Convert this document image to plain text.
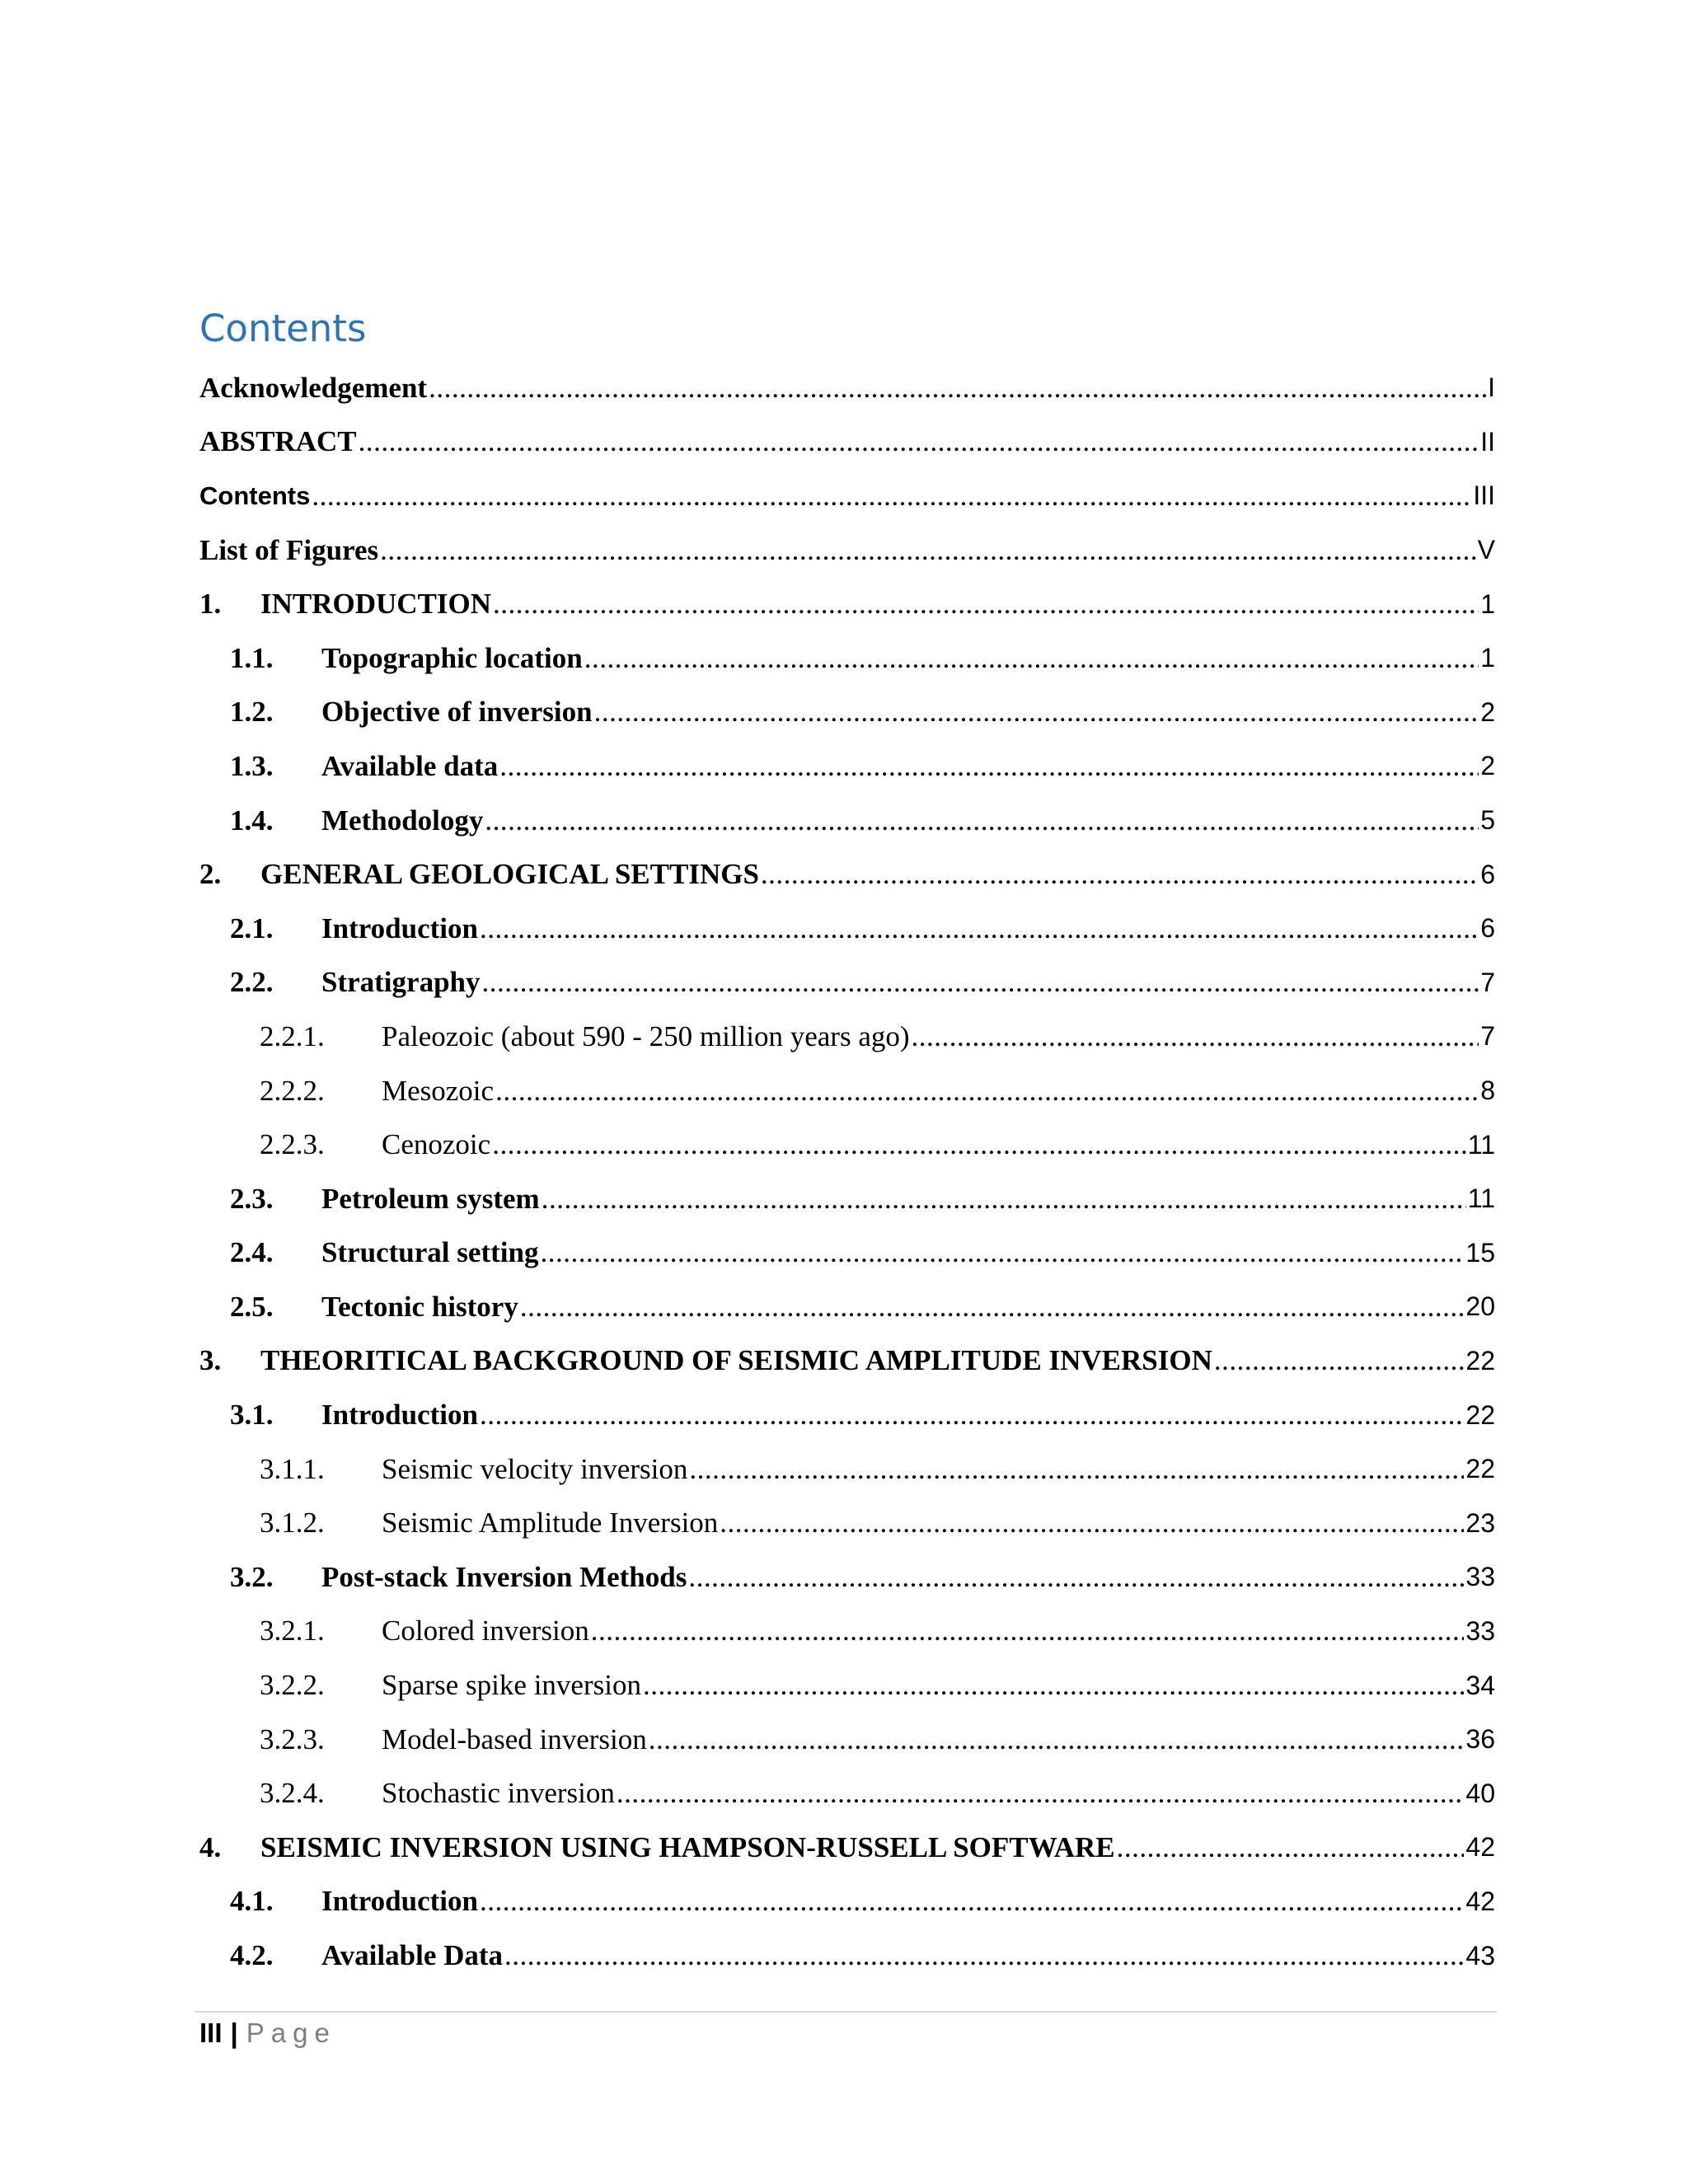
Contents
Acknowledgement .....	I
ABSTRACT .....	II
Contents .....	III
List of Figures .....	V
1.	INTRODUCTION .....	1
1.1.	Topographic location .....	1
1.2.	Objective of inversion .....	2
1.3.	Available data .....	2
1.4.	Methodology .....	5
2.	GENERAL GEOLOGICAL SETTINGS .....	6
2.1.	Introduction .....	6
2.2.	Stratigraphy .....	7
2.2.1.	Paleozoic (about 590 - 250 million years ago) .....	7
2.2.2.	Mesozoic .....	8
2.2.3.	Cenozoic .....	11
2.3.	Petroleum system .....	11
2.4.	Structural setting .....	15
2.5.	Tectonic history .....	20
3.	THEORITICAL BACKGROUND OF SEISMIC AMPLITUDE INVERSION .....	22
3.1.	Introduction .....	22
3.1.1.	Seismic velocity inversion .....	22
3.1.2.	Seismic Amplitude Inversion .....	23
3.2.	Post-stack Inversion Methods .....	33
3.2.1.	Colored inversion .....	33
3.2.2.	Sparse spike inversion .....	34
3.2.3.	Model-based inversion .....	36
3.2.4.	Stochastic inversion .....	40
4.	SEISMIC INVERSION USING HAMPSON-RUSSELL SOFTWARE .....	42
4.1.	Introduction .....	42
4.2.	Available Data .....	43
III | Page
